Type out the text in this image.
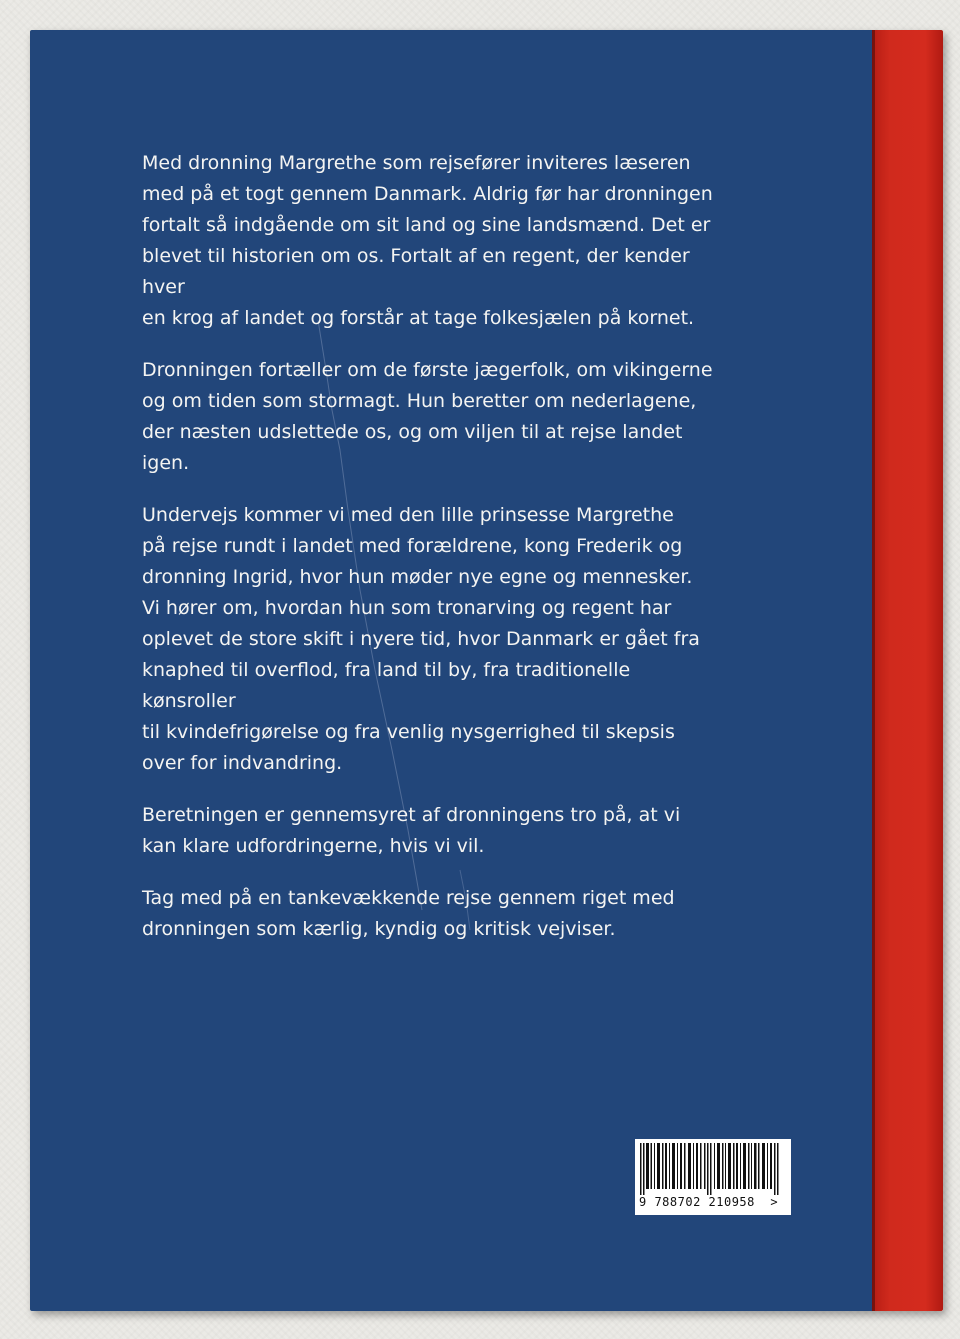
Med dronning Margrethe som rejsefører inviteres læseren
med på et togt gennem Danmark. Aldrig før har dronningen
fortalt så indgående om sit land og sine landsmænd. Det er
blevet til historien om os. Fortalt af en regent, der kender hver
en krog af landet og forstår at tage folkesjælen på kornet.

Dronningen fortæller om de første jægerfolk, om vikingerne
og om tiden som stormagt. Hun beretter om nederlagene,
der næsten udslettede os, og om viljen til at rejse landet igen.

Undervejs kommer vi med den lille prinsesse Margrethe
på rejse rundt i landet med forældrene, kong Frederik og
dronning Ingrid, hvor hun møder nye egne og mennesker.
Vi hører om, hvordan hun som tronarving og regent har
oplevet de store skift i nyere tid, hvor Danmark er gået fra
knaphed til overflod, fra land til by, fra traditionelle kønsroller
til kvindefrigørelse og fra venlig nysgerrighed til skepsis
over for indvandring.

Beretningen er gennemsyret af dronningens tro på, at vi
kan klare udfordringerne, hvis vi vil.

Tag med på en tankevækkende rejse gennem riget med
dronningen som kærlig, kyndig og kritisk vejviser.

9 788702 210958  >
